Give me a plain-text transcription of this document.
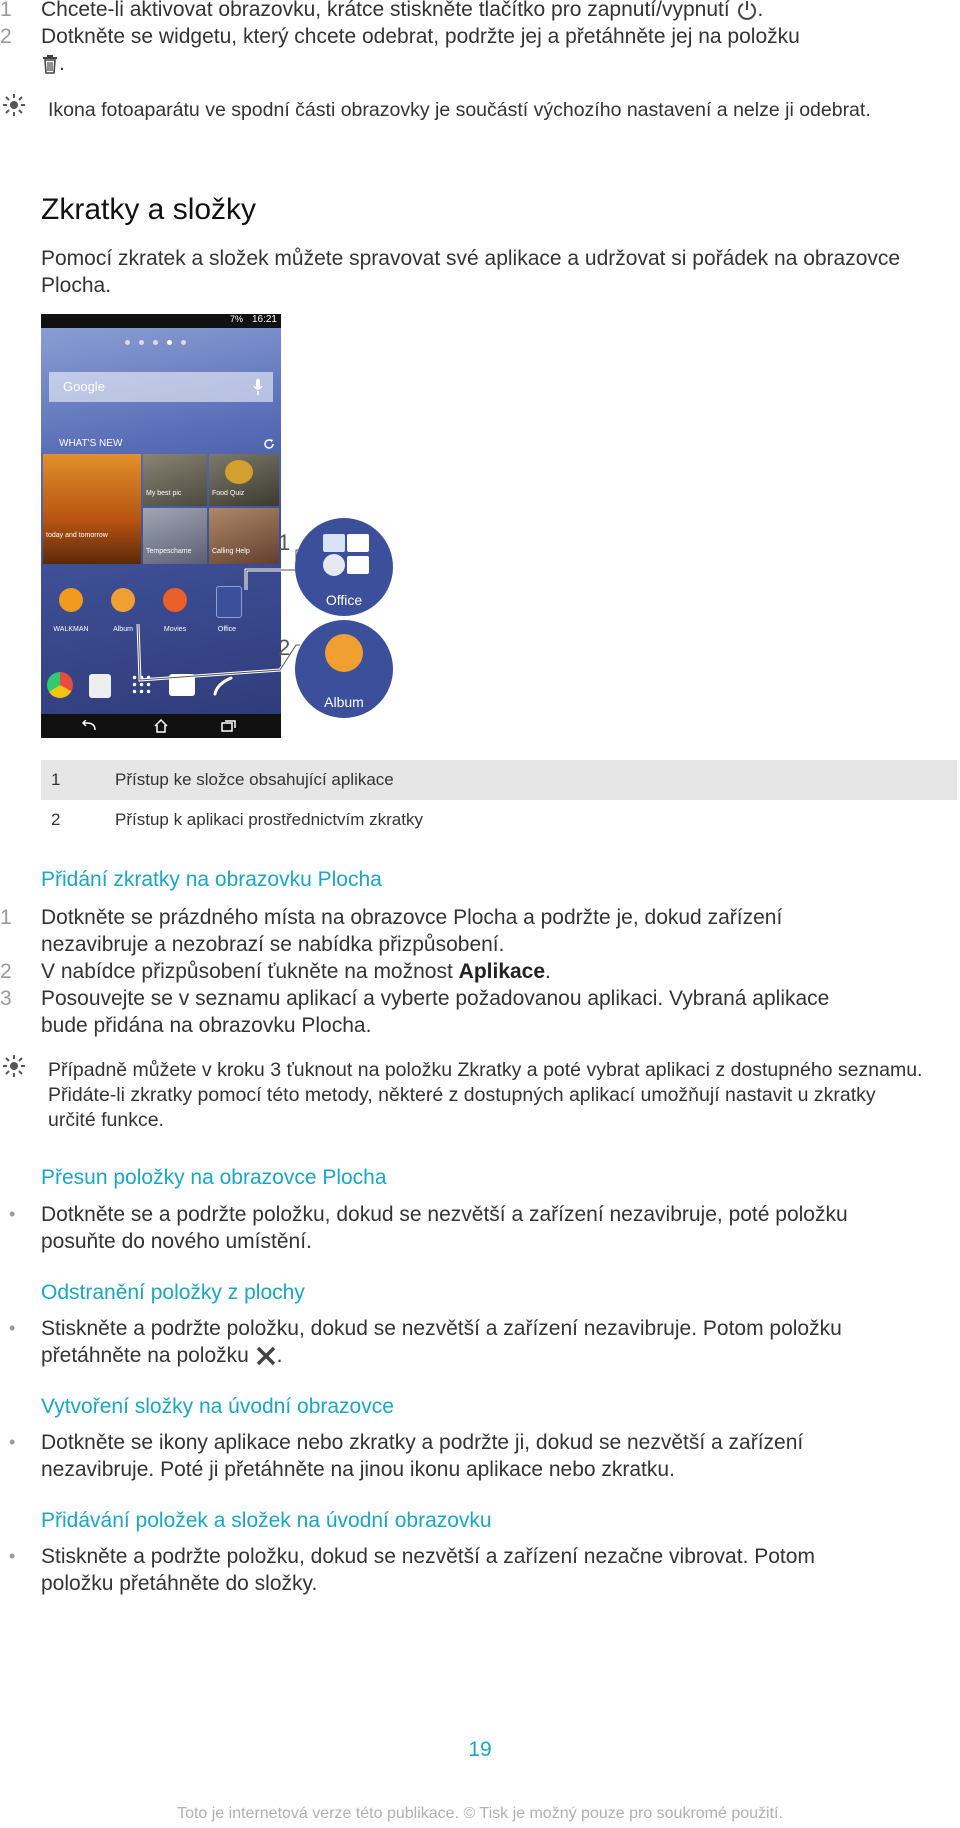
1	Chcete-li aktivovat obrazovku, krátce stiskněte tlačítko pro zapnutí/vypnutí .
2	Dotkněte se widgetu, který chcete odebrat, podržte jej a přetáhněte jej na položku
.
Ikona fotoaparátu ve spodní části obrazovky je součástí výchozího nastavení a nelze ji odebrat.
Zkratky a složky
Pomocí zkratek a složek můžete spravovat své aplikace a udržovat si pořádek na obrazovce Plocha.
7% 16:21
Google
WHAT'S NEW
today and tomorrow
My best pic	Food Quiz
Tempeschame	Calling Help
WALKMAN	Album	Movies	Office
1
2
Office
Album
1	Přístup ke složce obsahující aplikace
2	Přístup k aplikaci prostřednictvím zkratky
Přidání zkratky na obrazovku Plocha
1	Dotkněte se prázdného místa na obrazovce Plocha a podržte je, dokud zařízení nezavibruje a nezobrazí se nabídka přizpůsobení.
2	V nabídce přizpůsobení ťukněte na možnost Aplikace.
3	Posouvejte se v seznamu aplikací a vyberte požadovanou aplikaci. Vybraná aplikace bude přidána na obrazovku Plocha.
Případně můžete v kroku 3 ťuknout na položku Zkratky a poté vybrat aplikaci z dostupného seznamu. Přidáte-li zkratky pomocí této metody, některé z dostupných aplikací umožňují nastavit u zkratky určité funkce.
Přesun položky na obrazovce Plocha
• Dotkněte se a podržte položku, dokud se nezvětší a zařízení nezavibruje, poté položku posuňte do nového umístění.
Odstranění položky z plochy
• Stiskněte a podržte položku, dokud se nezvětší a zařízení nezavibruje. Potom položku přetáhněte na položku .
Vytvoření složky na úvodní obrazovce
• Dotkněte se ikony aplikace nebo zkratky a podržte ji, dokud se nezvětší a zařízení nezavibruje. Poté ji přetáhněte na jinou ikonu aplikace nebo zkratku.
Přidávání položek a složek na úvodní obrazovku
• Stiskněte a podržte položku, dokud se nezvětší a zařízení nezačne vibrovat. Potom položku přetáhněte do složky.
19
Toto je internetová verze této publikace. © Tisk je možný pouze pro soukromé použití.
